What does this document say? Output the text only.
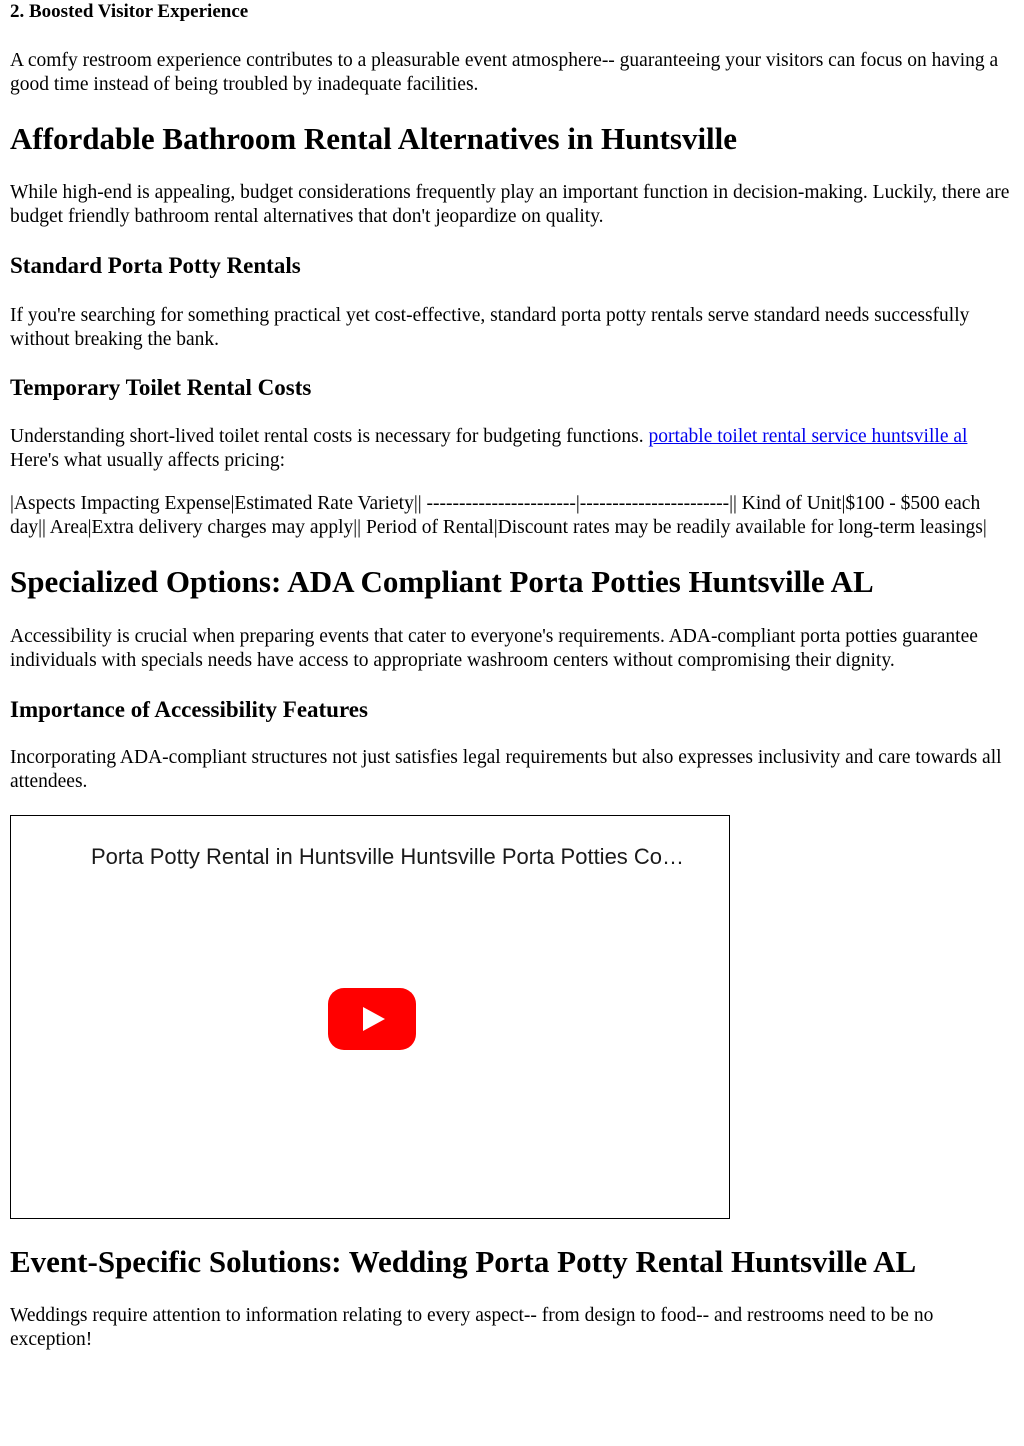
2. Boosted Visitor Experience

A comfy restroom experience contributes to a pleasurable event atmosphere-- guaranteeing your visitors can focus on having a good time instead of being troubled by inadequate facilities.

Affordable Bathroom Rental Alternatives in Huntsville

While high-end is appealing, budget considerations frequently play an important function in decision-making. Luckily, there are budget friendly bathroom rental alternatives that don't jeopardize on quality.

Standard Porta Potty Rentals

If you're searching for something practical yet cost-effective, standard porta potty rentals serve standard needs successfully without breaking the bank.

Temporary Toilet Rental Costs

Understanding short-lived toilet rental costs is necessary for budgeting functions. portable toilet rental service huntsville al Here's what usually affects pricing:

|Aspects Impacting Expense|Estimated Rate Variety|| -----------------------|-----------------------|| Kind of Unit|$100 - $500 each day|| Area|Extra delivery charges may apply|| Period of Rental|Discount rates may be readily available for long-term leasings|

Specialized Options: ADA Compliant Porta Potties Huntsville AL

Accessibility is crucial when preparing events that cater to everyone's requirements. ADA-compliant porta potties guarantee individuals with specials needs have access to appropriate washroom centers without compromising their dignity.

Importance of Accessibility Features

Incorporating ADA-compliant structures not just satisfies legal requirements but also expresses inclusivity and care towards all attendees.

Porta Potty Rental in Huntsville Huntsville Porta Potties Co…
Event-Specific Solutions: Wedding Porta Potty Rental Huntsville AL

Weddings require attention to information relating to every aspect-- from design to food-- and restrooms need to be no exception!
